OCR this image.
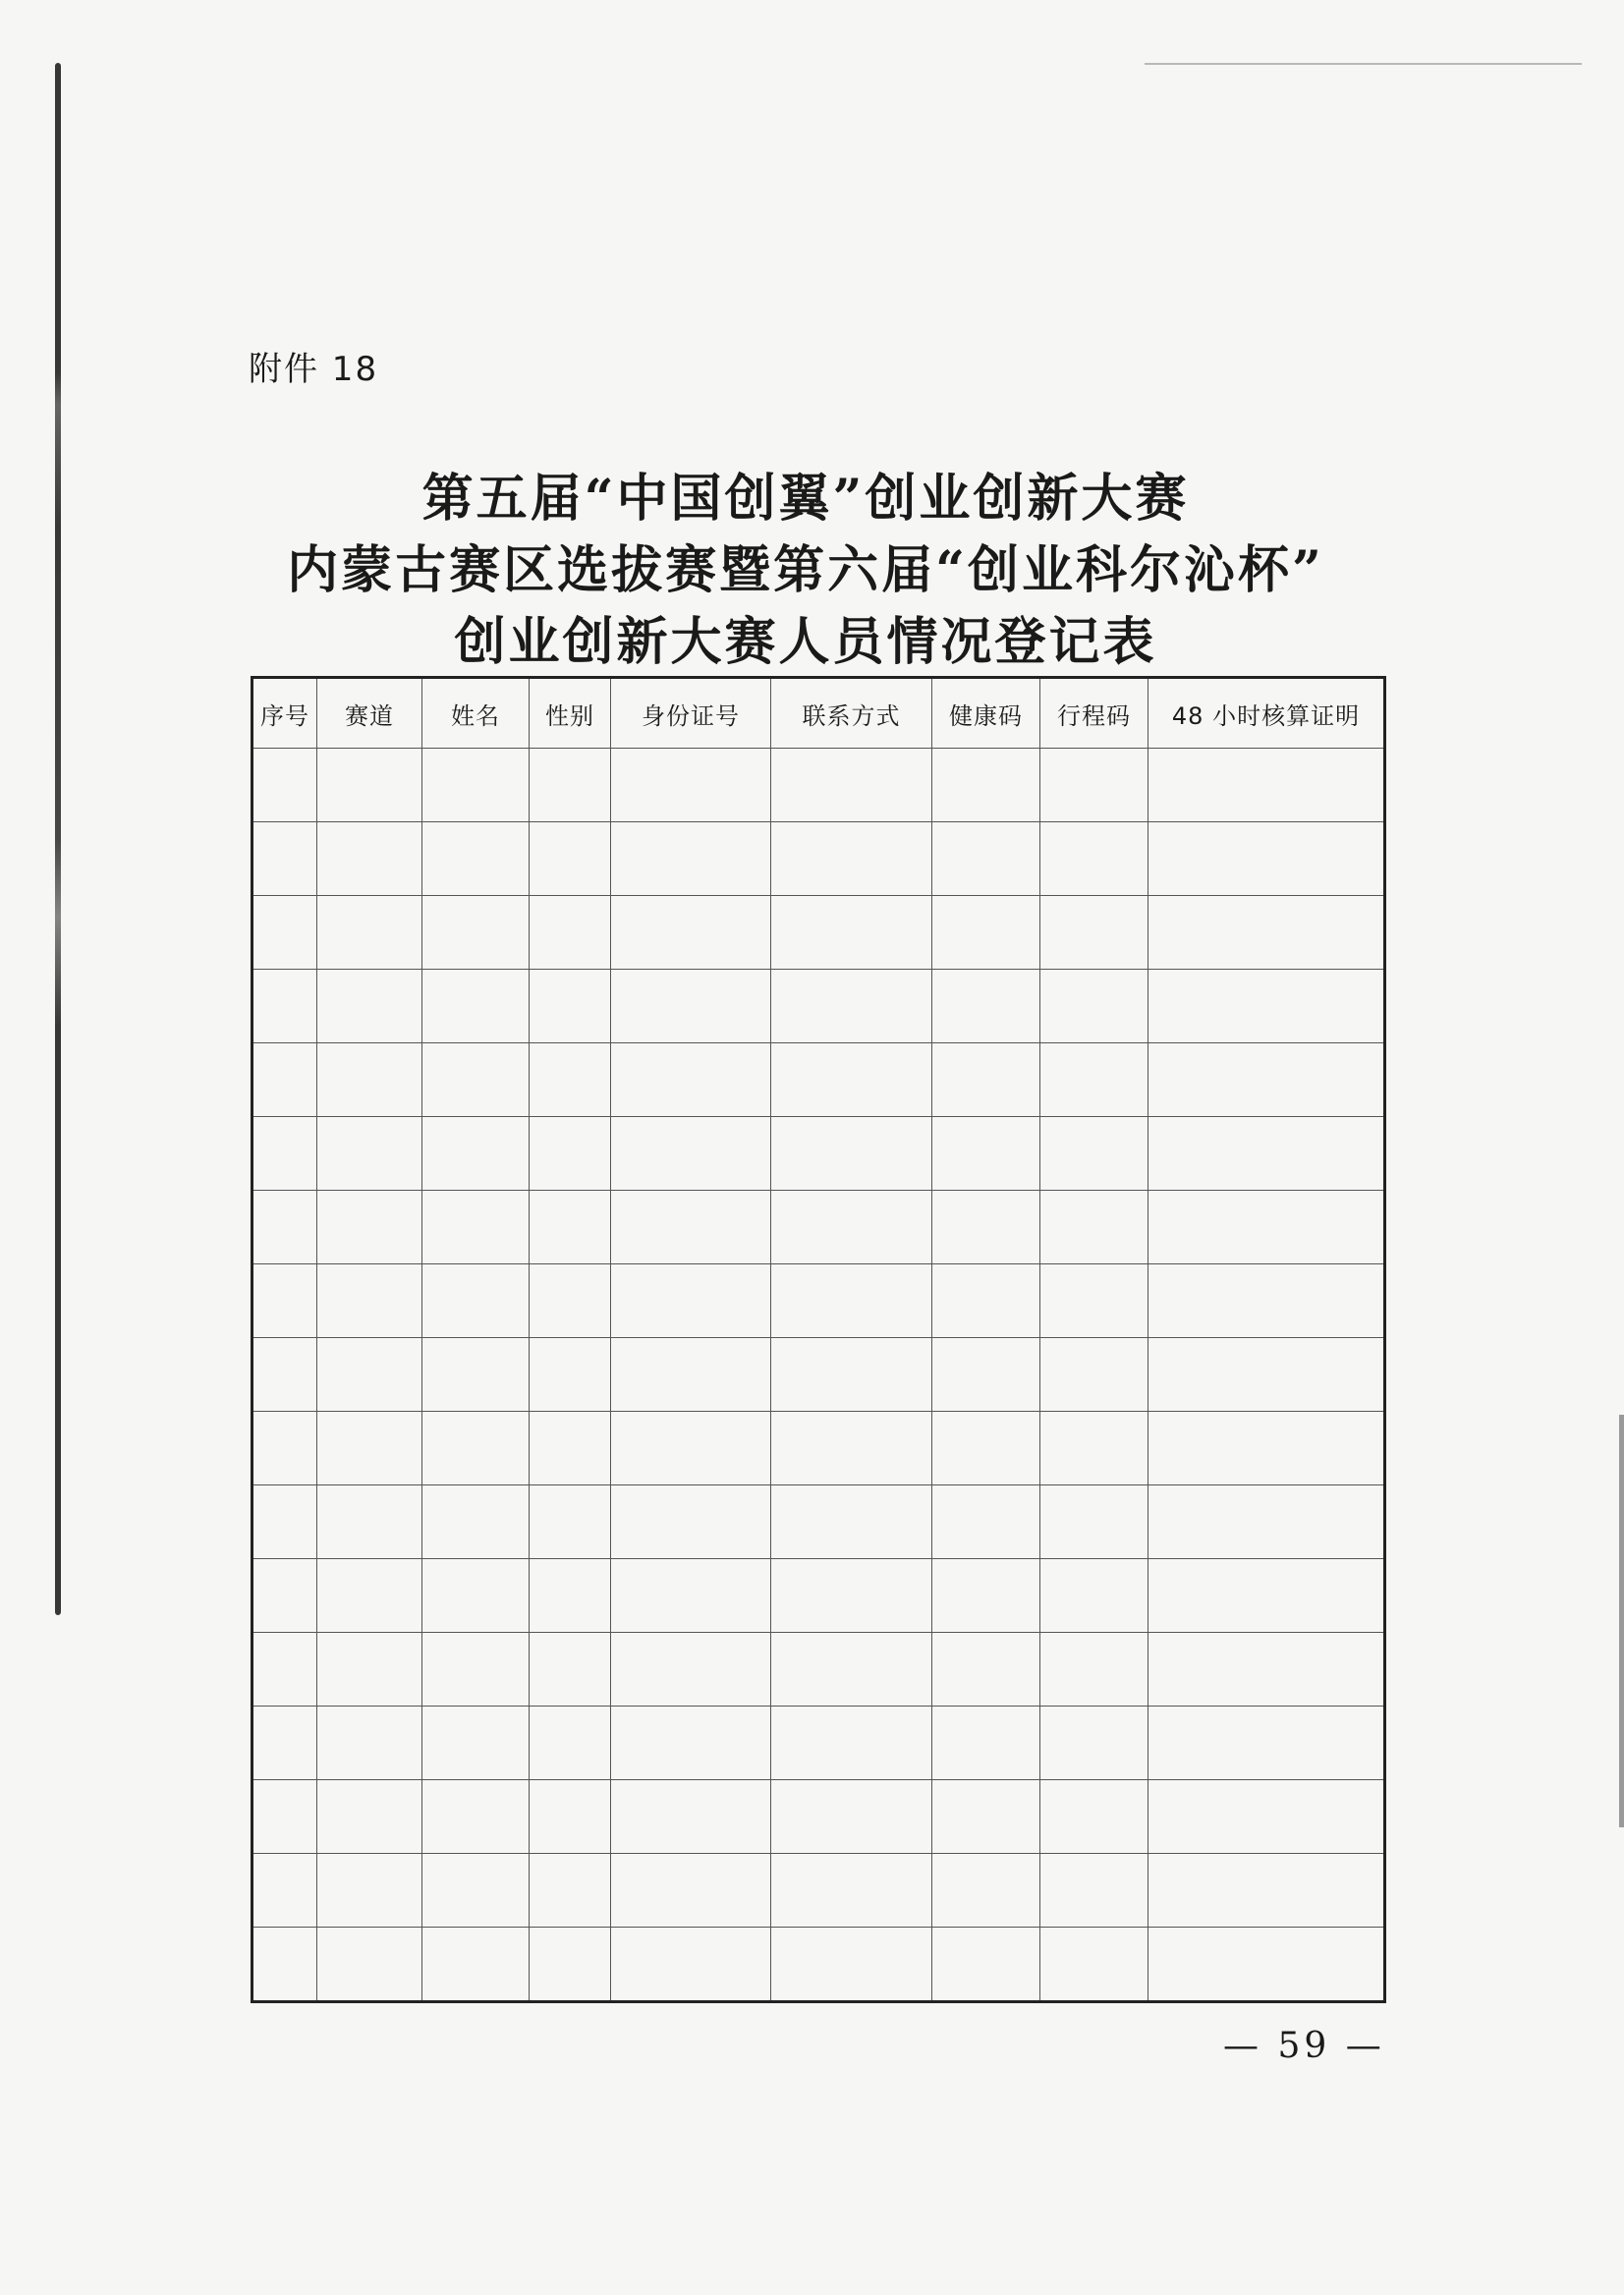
附件 18
第五届“中国创翼”创业创新大赛
内蒙古赛区选拔赛暨第六届“创业科尔沁杯”
创业创新大赛人员情况登记表
序号	赛道	姓名	性别	身份证号	联系方式	健康码	行程码	48 小时核算证明

— 59 —
